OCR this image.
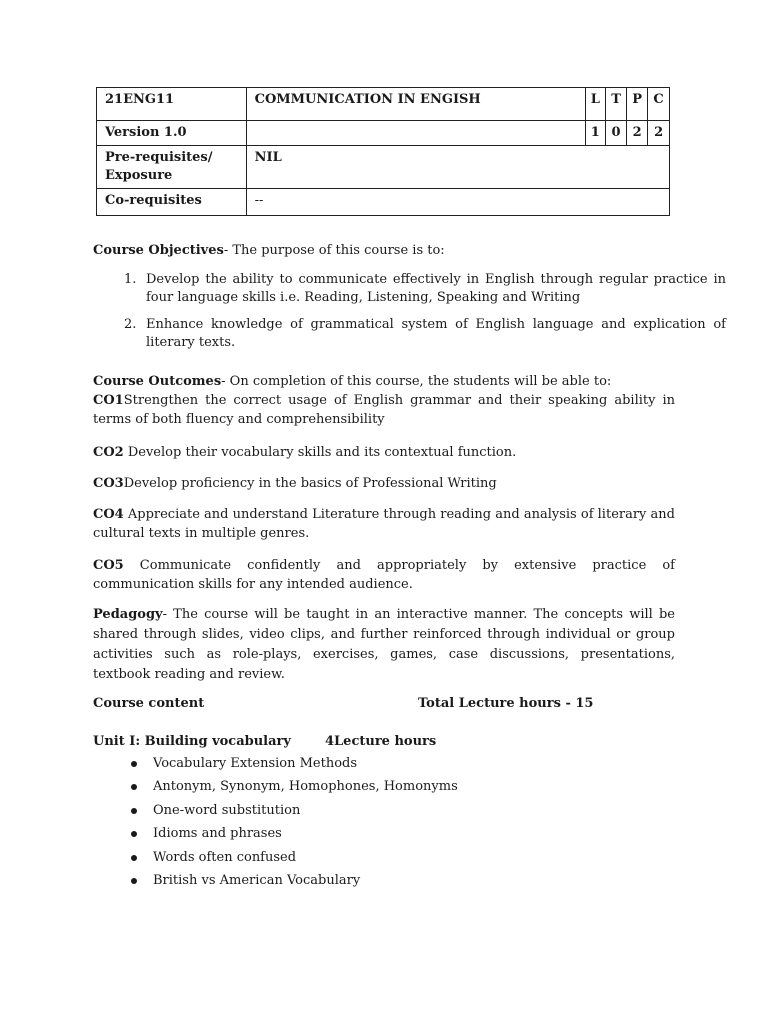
21ENG11	COMMUNICATION IN ENGISH	L	T	P	C
Version 1.0		1	0	2	2
Pre-requisites/
Exposure	NIL				
Co-requisites	--				
Course Objectives- The purpose of this course is to:
1. Develop the ability to communicate effectively in English through regular practice in four language skills i.e. Reading, Listening, Speaking and Writing
2. Enhance knowledge of grammatical system of English language and explication of literary texts.
Course Outcomes- On completion of this course, the students will be able to:
CO1Strengthen the correct usage of English grammar and their speaking ability in terms of both fluency and comprehensibility
CO2 Develop their vocabulary skills and its contextual function.
CO3Develop proficiency in the basics of Professional Writing
CO4 Appreciate and understand Literature through reading and analysis of literary and cultural texts in multiple genres.
CO5 Communicate confidently and appropriately by extensive practice of communication skills for any intended audience.
Pedagogy- The course will be taught in an interactive manner. The concepts will be shared through slides, video clips, and further reinforced through individual or group activities such as role-plays, exercises, games, case discussions, presentations, textbook reading and review.
Course content	Total Lecture hours - 15
Unit I: Building vocabulary	4Lecture hours
Vocabulary Extension Methods
Antonym, Synonym, Homophones, Homonyms
One-word substitution
Idioms and phrases
Words often confused
British vs American Vocabulary
